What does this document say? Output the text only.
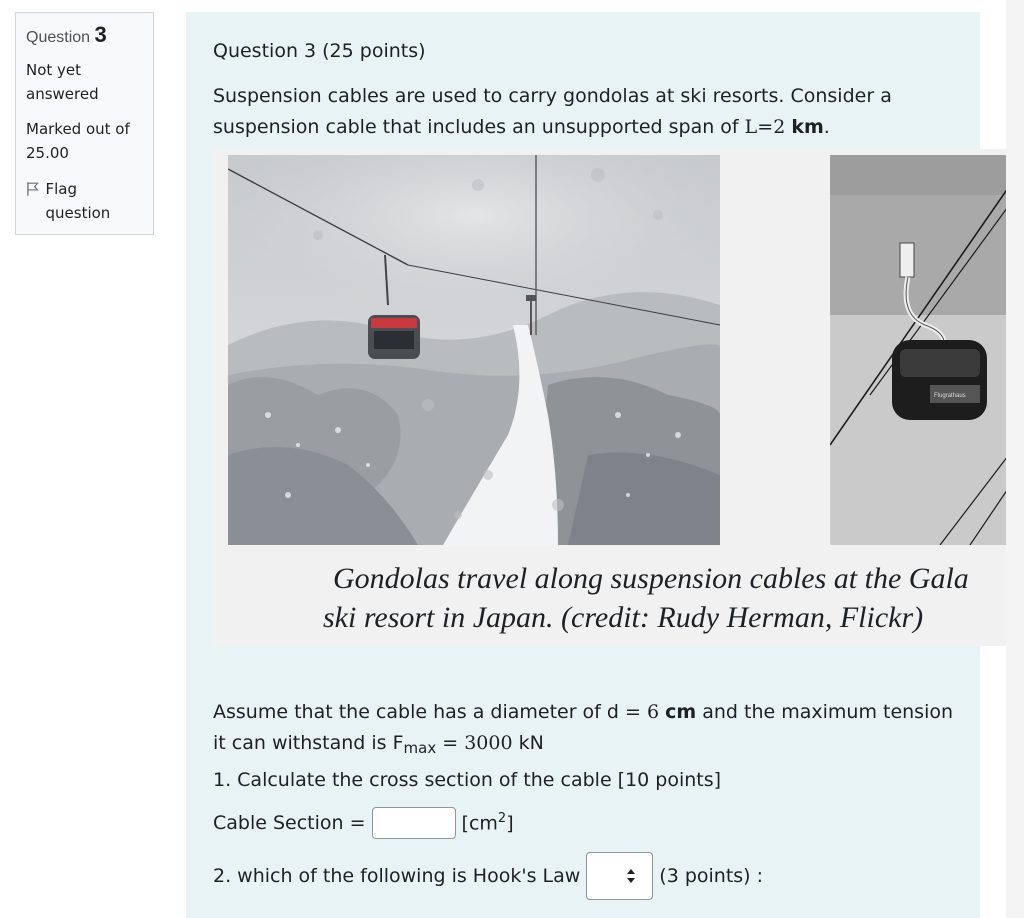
Question 3
Not yet answered
Marked out of 25.00
Flag question
Question 3 (25 points)
Suspension cables are used to carry gondolas at ski resorts. Consider a suspension cable that includes an unsupported span of L=2 km.
Flugrathaus
Gondolas travel along suspension cables at the Gala
ski resort in Japan. (credit: Rudy Herman, Flickr)
Assume that the cable has a diameter of d = 6 cm and the maximum tension it can withstand is $F_{max} = 3000$ kN
1. Calculate the cross section of the cable [10 points]
Cable Section =	$[cm^2]$
2. which of the following is Hook's Law	(3 points) :
